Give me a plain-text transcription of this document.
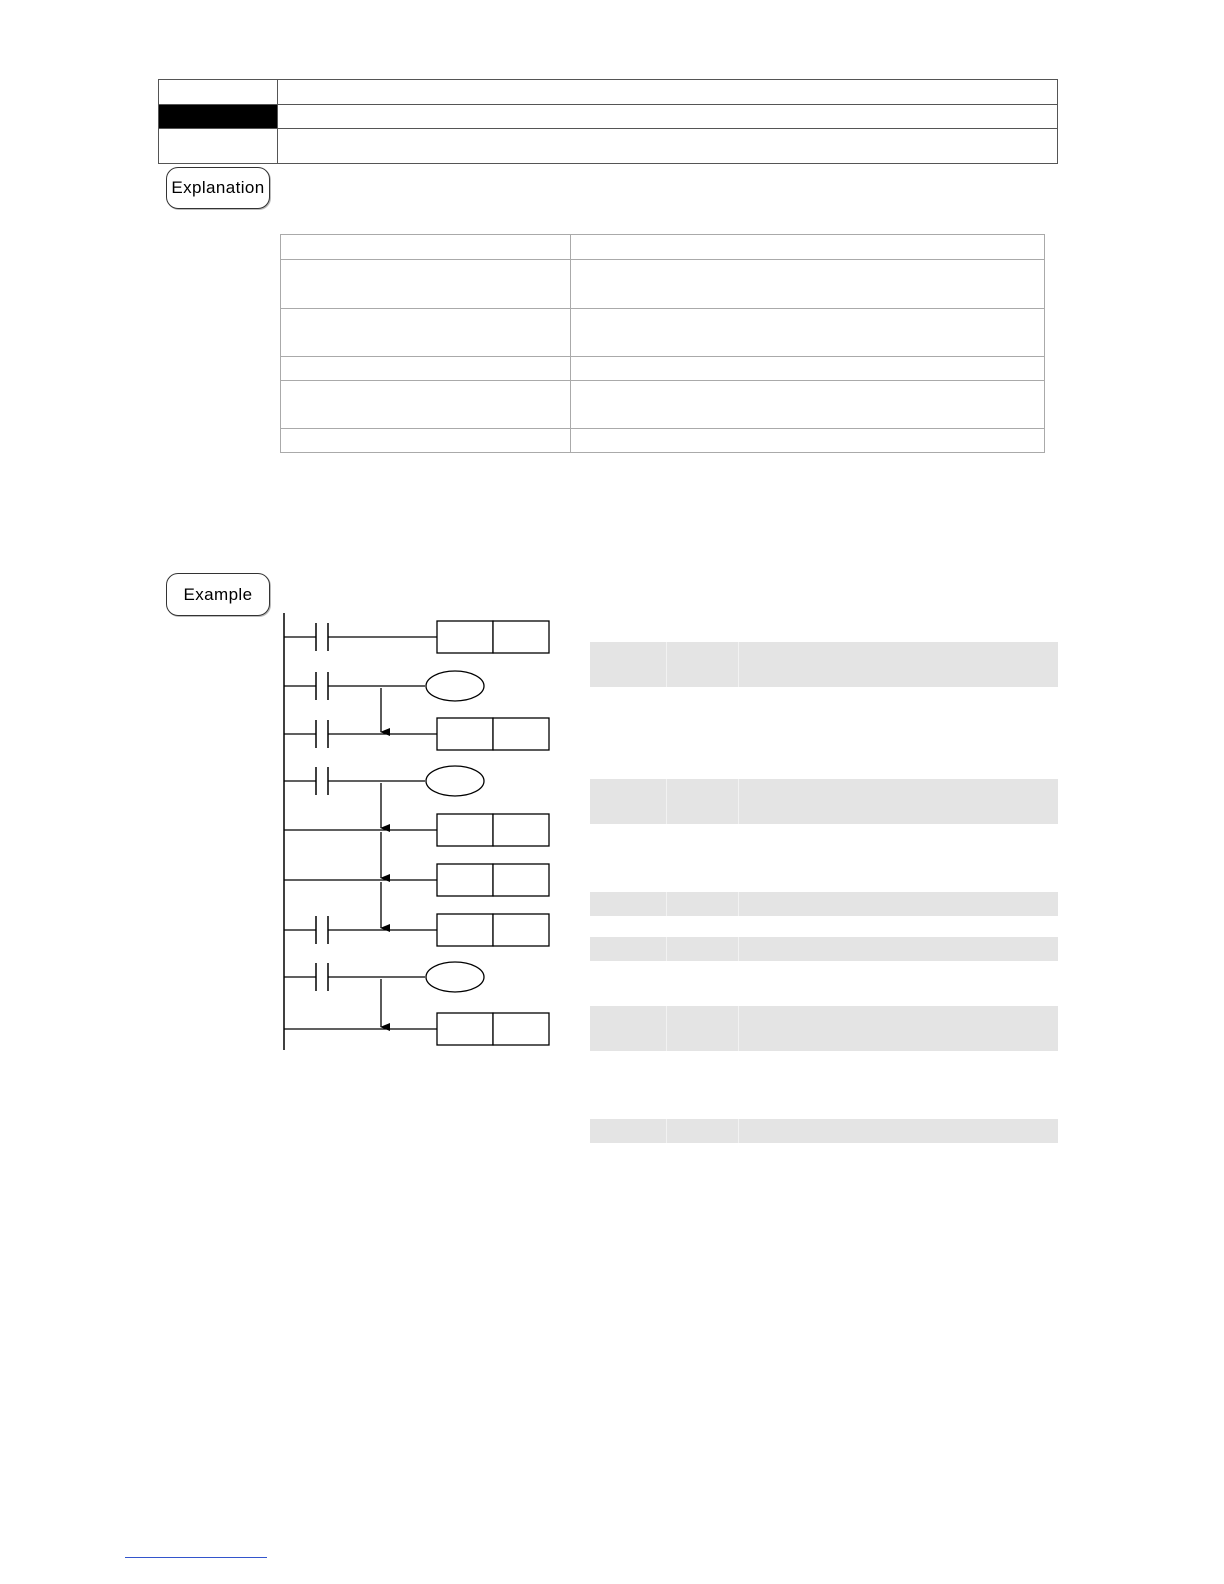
Explanation
Example
